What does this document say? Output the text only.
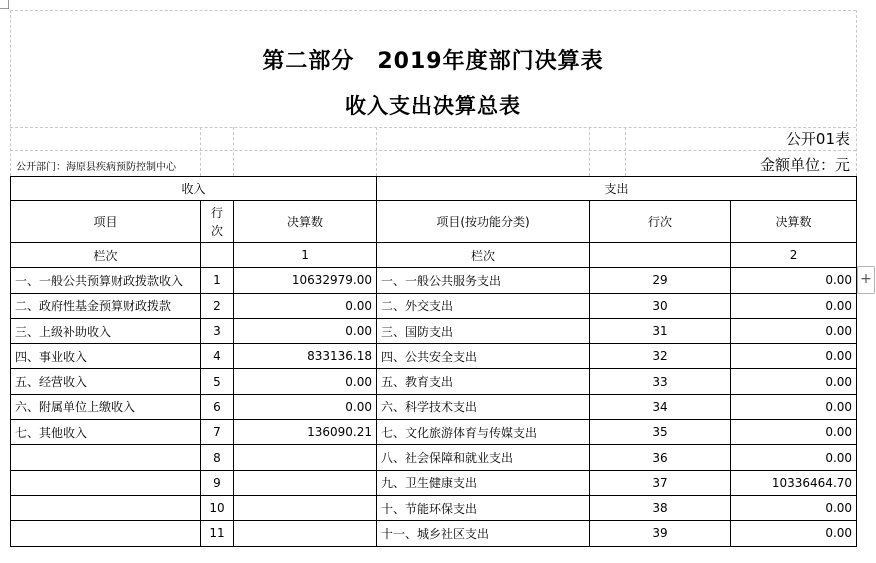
第二部分　2019年度部门决算表
收入支出决算总表
公开01表
公开部门：海原县疾病预防控制中心	金额单位：元
收入			支出		
项目	行次	决算数	项目(按功能分类)	行次	决算数
栏次		1	栏次		2
一、一般公共预算财政拨款收入	1	10632979.00	一、一般公共服务支出	29	0.00
二、政府性基金预算财政拨款	2	0.00	二、外交支出	30	0.00
三、上级补助收入	3	0.00	三、国防支出	31	0.00
四、事业收入	4	833136.18	四、公共安全支出	32	0.00
五、经营收入	5	0.00	五、教育支出	33	0.00
六、附属单位上缴收入	6	0.00	六、科学技术支出	34	0.00
七、其他收入	7	136090.21	七、文化旅游体育与传媒支出	35	0.00
	8		八、社会保障和就业支出	36	0.00
	9		九、卫生健康支出	37	10336464.70
	10		十、节能环保支出	38	0.00
	11		十一、城乡社区支出	39	0.00
+
